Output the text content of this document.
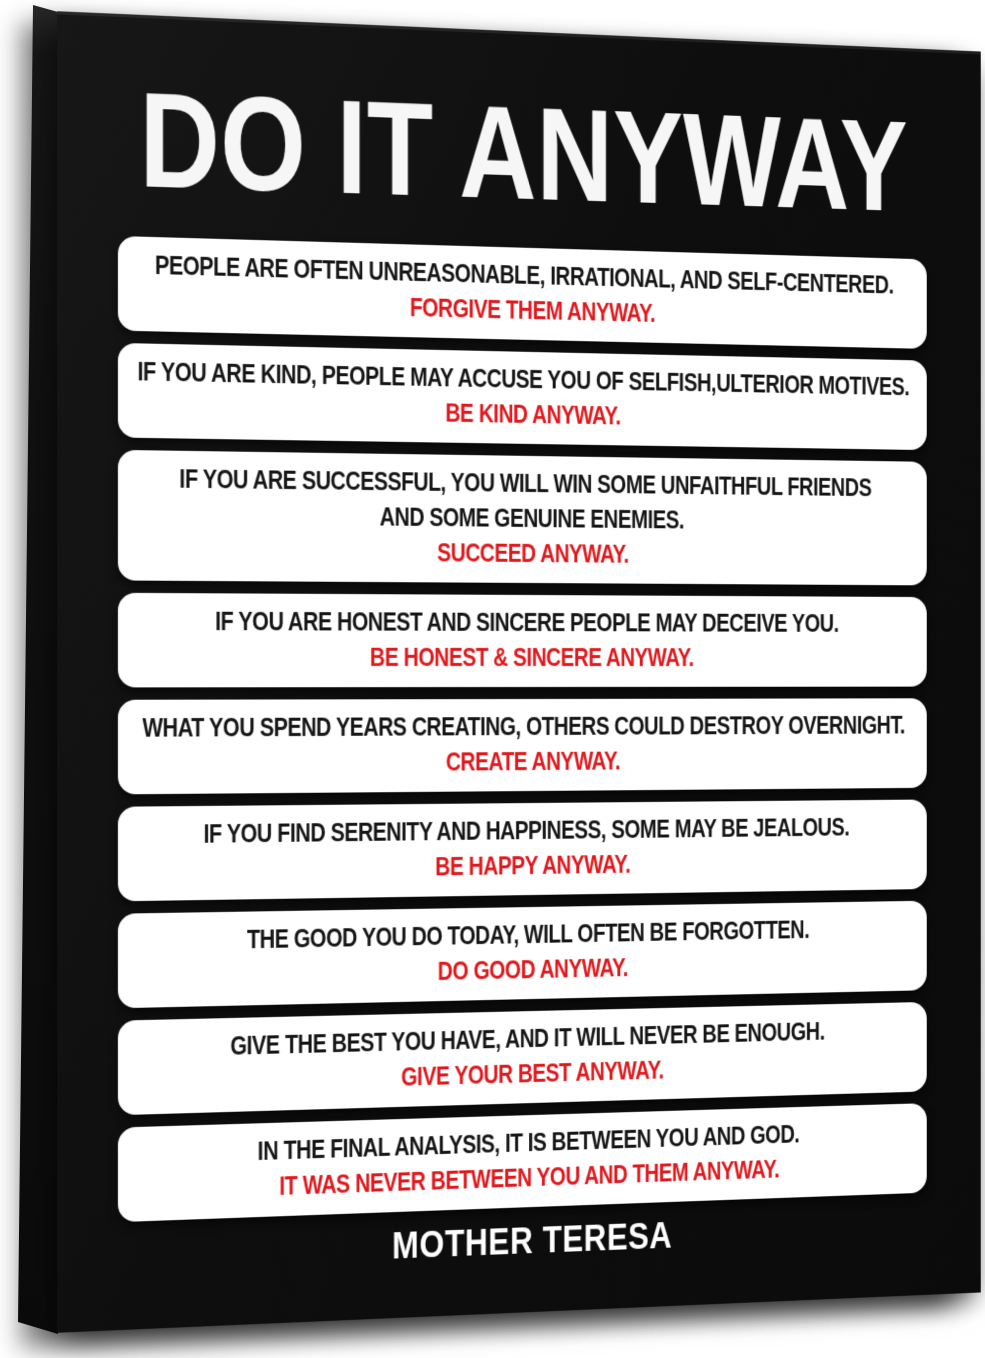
DO IT ANYWAY
PEOPLE ARE OFTEN UNREASONABLE, IRRATIONAL, AND SELF-CENTERED.
FORGIVE THEM ANYWAY.
IF YOU ARE KIND, PEOPLE MAY ACCUSE YOU OF SELFISH,ULTERIOR MOTIVES.
BE KIND ANYWAY.
IF YOU ARE SUCCESSFUL, YOU WILL WIN SOME UNFAITHFUL FRIENDS
AND SOME GENUINE ENEMIES.
SUCCEED ANYWAY.
IF YOU ARE HONEST AND SINCERE PEOPLE MAY DECEIVE YOU.
BE HONEST & SINCERE ANYWAY.
WHAT YOU SPEND YEARS CREATING, OTHERS COULD DESTROY OVERNIGHT.
CREATE ANYWAY.
IF YOU FIND SERENITY AND HAPPINESS, SOME MAY BE JEALOUS.
BE HAPPY ANYWAY.
THE GOOD YOU DO TODAY, WILL OFTEN BE FORGOTTEN.
DO GOOD ANYWAY.
GIVE THE BEST YOU HAVE, AND IT WILL NEVER BE ENOUGH.
GIVE YOUR BEST ANYWAY.
IN THE FINAL ANALYSIS, IT IS BETWEEN YOU AND GOD.
IT WAS NEVER BETWEEN YOU AND THEM ANYWAY.
MOTHER TERESA
